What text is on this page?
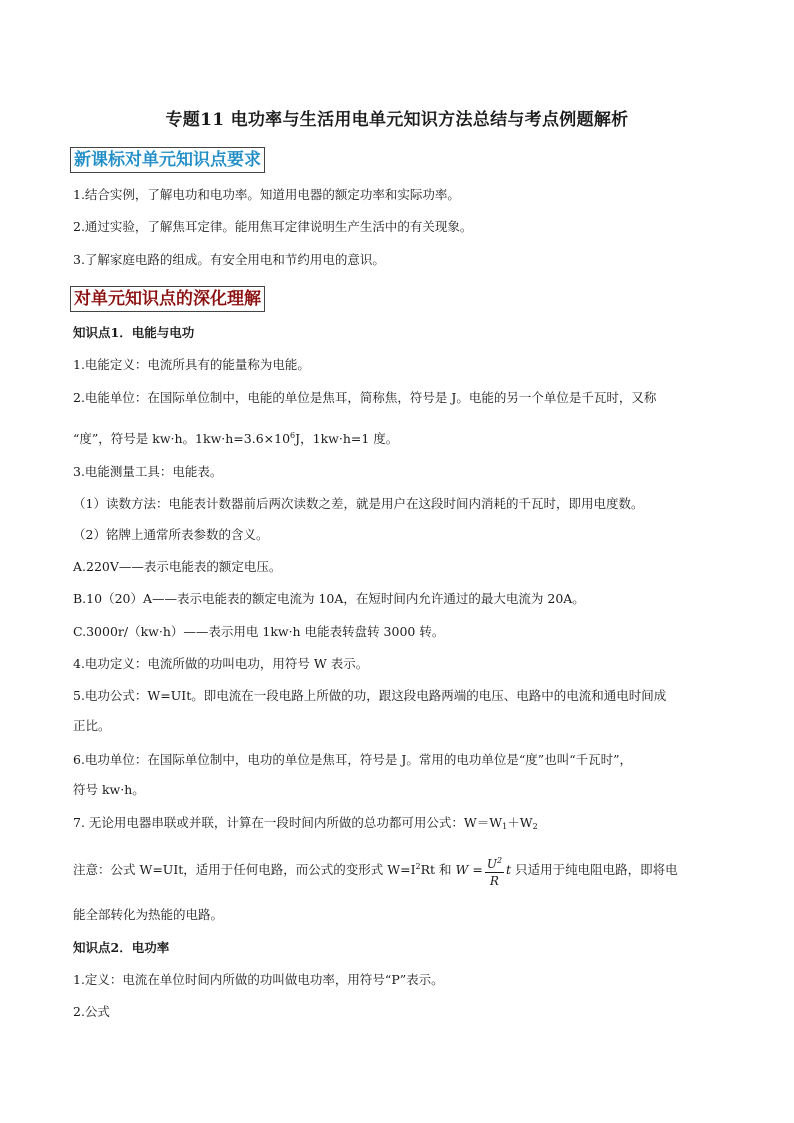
专题11 电功率与生活用电单元知识方法总结与考点例题解析
新课标对单元知识点要求
1.结合实例，了解电功和电功率。知道用电器的额定功率和实际功率。
2.通过实验，了解焦耳定律。能用焦耳定律说明生产生活中的有关现象。
3.了解家庭电路的组成。有安全用电和节约用电的意识。
对单元知识点的深化理解
知识点1．电能与电功
1.电能定义：电流所具有的能量称为电能。
2.电能单位：在国际单位制中，电能的单位是焦耳，简称焦，符号是 J。电能的另一个单位是千瓦时，又称
“度”，符号是 kw·h。$1kw\cdot h=3.6\times 10^6J$，1kw·h=1 度。
3.电能测量工具：电能表。
（1）读数方法：电能表计数器前后两次读数之差，就是用户在这段时间内消耗的千瓦时，即用电度数。
（2）铭牌上通常所表参数的含义。
A.220V——表示电能表的额定电压。
B.10（20）A——表示电能表的额定电流为 10A，在短时间内允许通过的最大电流为 20A。
C.3000r/（kw·h）——表示用电 1kw·h 电能表转盘转 3000 转。
4.电功定义：电流所做的功叫电功，用符号 W 表示。
5.电功公式：W=UIt。即电流在一段电路上所做的功，跟这段电路两端的电压、电路中的电流和通电时间成
正比。
6.电功单位：在国际单位制中，电功的单位是焦耳，符号是 J。常用的电功单位是“度”也叫“千瓦时”，
符号 kw·h。
7. 无论用电器串联或并联，计算在一段时间内所做的总功都可用公式：$W=W_1+W_2$
注意：公式 W=UIt，适用于任何电路，而公式的变形式 $W=I^2Rt$ 和 $W = \frac{U^2}{R}$ t 只适用于纯电阻电路，即将电
能全部转化为热能的电路。
知识点2．电功率
1.定义：电流在单位时间内所做的功叫做电功率，用符号“P”表示。
2.公式
